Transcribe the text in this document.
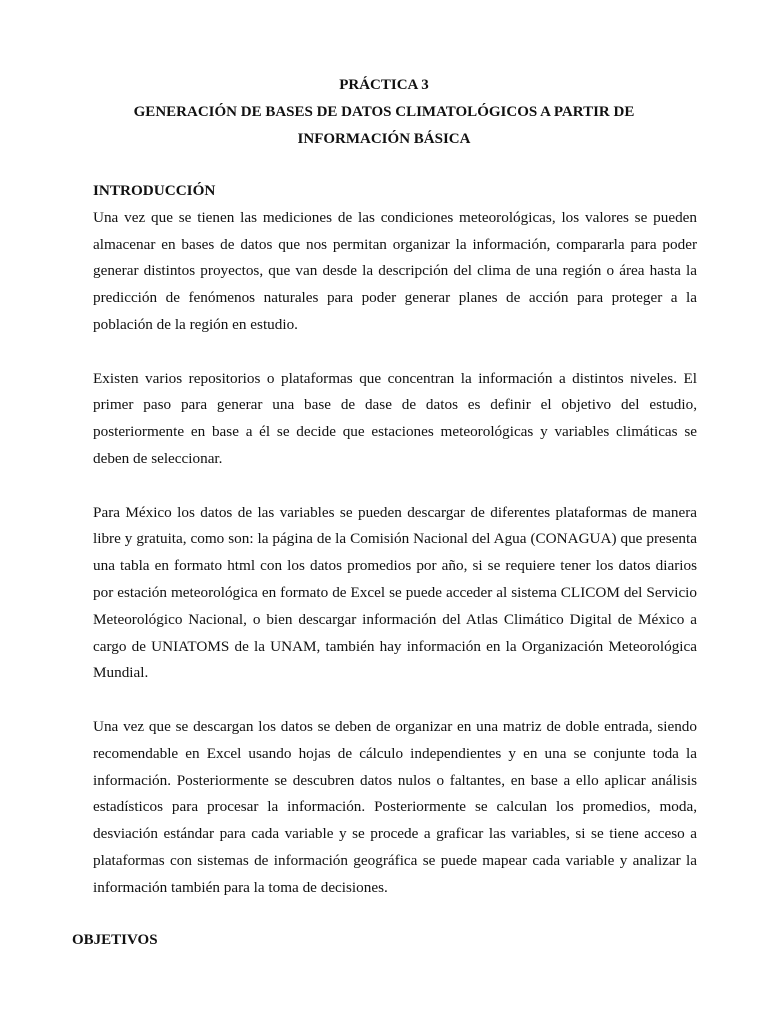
PRÁCTICA 3
GENERACIÓN DE BASES DE DATOS CLIMATOLÓGICOS A PARTIR DE
INFORMACIÓN BÁSICA

INTRODUCCIÓN

Una vez que se tienen las mediciones de las condiciones meteorológicas, los valores se pueden almacenar en bases de datos que nos permitan organizar la información, compararla para poder generar distintos proyectos, que van desde la descripción del clima de una región o área hasta la predicción de fenómenos naturales para poder generar planes de acción para proteger a la población de la región en estudio.

Existen varios repositorios o plataformas que concentran la información a distintos niveles. El primer paso para generar una base de dase de datos es definir el objetivo del estudio, posteriormente en base a él se decide que estaciones meteorológicas y variables climáticas se deben de seleccionar.

Para México los datos de las variables se pueden descargar de diferentes plataformas de manera libre y gratuita, como son: la página de la Comisión Nacional del Agua (CONAGUA) que presenta una tabla en formato html con los datos promedios por año, si se requiere tener los datos diarios por estación meteorológica en formato de Excel se puede acceder al sistema CLICOM del Servicio Meteorológico Nacional, o bien descargar información del Atlas Climático Digital de México a cargo de UNIATOMS de la UNAM, también hay información en la Organización Meteorológica Mundial.

Una vez que se descargan los datos se deben de organizar en una matriz de doble entrada, siendo recomendable en Excel usando hojas de cálculo independientes y en una se conjunte toda la información. Posteriormente se descubren datos nulos o faltantes, en base a ello aplicar análisis estadísticos para procesar la información. Posteriormente se calculan los promedios, moda, desviación estándar para cada variable y se procede a graficar las variables, si se tiene acceso a plataformas con sistemas de información geográfica se puede mapear cada variable y analizar la información también para la toma de decisiones.

OBJETIVOS
